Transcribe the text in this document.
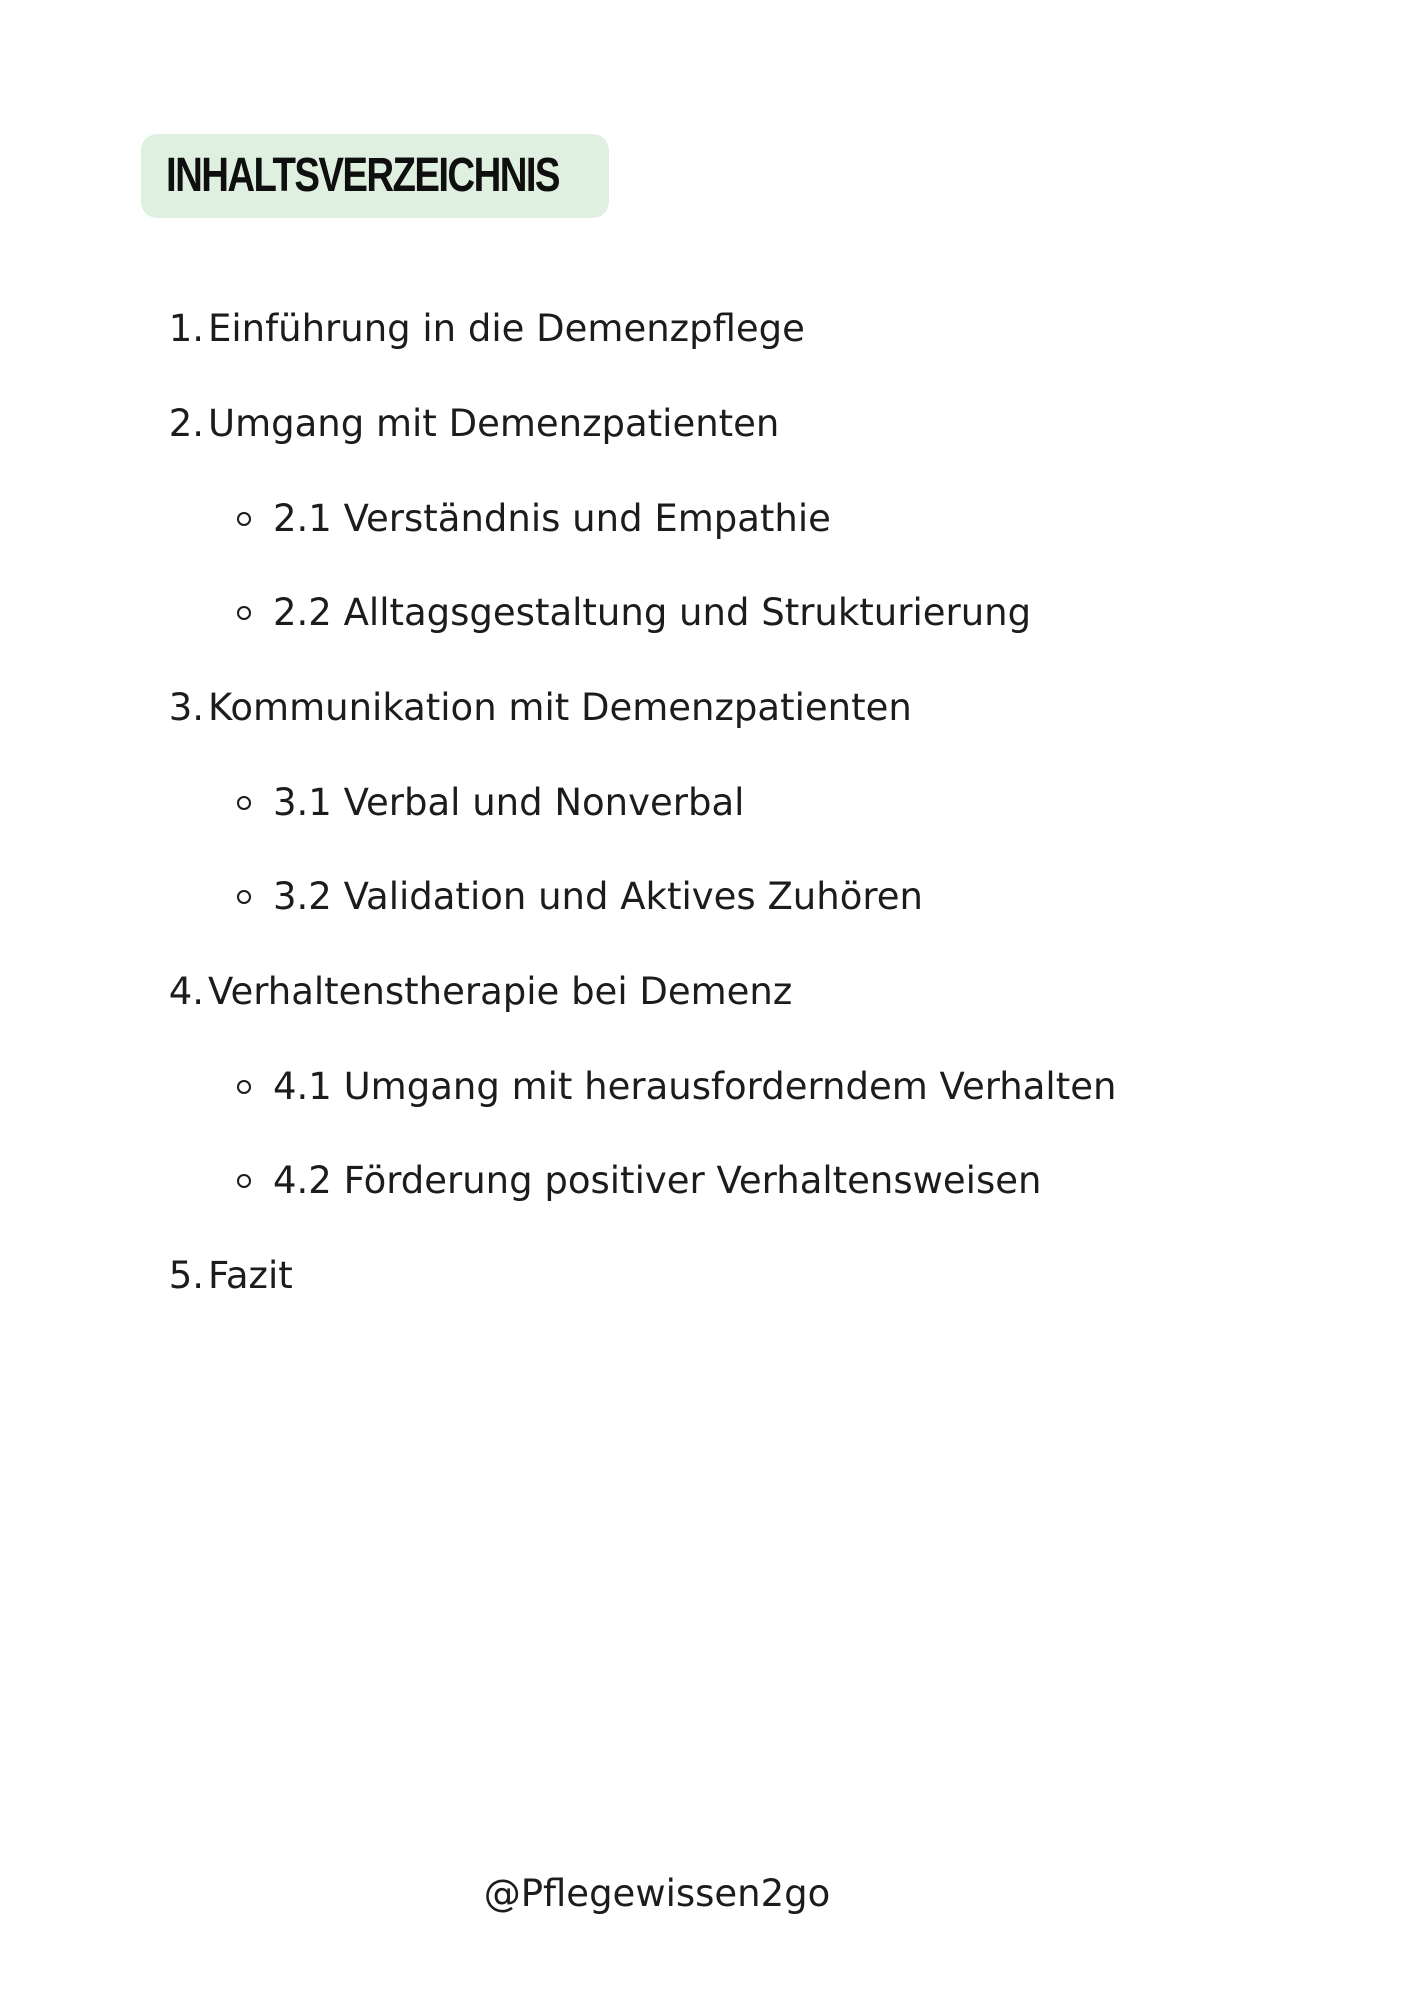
INHALTSVERZEICHNIS
1. Einführung in die Demenzpflege
2. Umgang mit Demenzpatienten
2.1 Verständnis und Empathie
2.2 Alltagsgestaltung und Strukturierung
3. Kommunikation mit Demenzpatienten
3.1 Verbal und Nonverbal
3.2 Validation und Aktives Zuhören
4. Verhaltenstherapie bei Demenz
4.1 Umgang mit herausforderndem Verhalten
4.2 Förderung positiver Verhaltensweisen
5. Fazit
@Pflegewissen2go
